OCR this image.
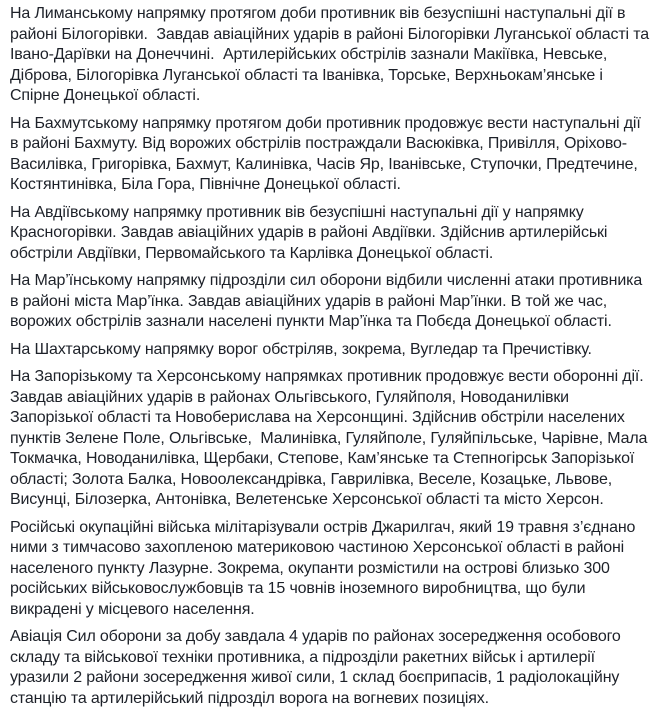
На Лиманському напрямку протягом доби противник вів безуспішні наступальні дії в районі Білогорівки.  Завдав авіаційних ударів в районі Білогорівки Луганської області та Івано-Дарївки на Донеччині.  Артилерійських обстрілів зазнали Макіївка, Невське, Діброва, Білогорівка Луганської області та Іванівка, Торське, Верхньокам’янське і Спірне Донецької області.

На Бахмутському напрямку протягом доби противник продовжує вести наступальні дії  в районі Бахмуту. Від ворожих обстрілів постраждали Васюківка, Привілля, Оріхово-Василівка, Григорівка, Бахмут, Калинівка, Часів Яр, Іванівське, Ступочки, Предтечине, Костянтинівка, Біла Гора, Північне Донецької області.

На Авдіївському напрямку противник вів безуспішні наступальні дії у напрямку Красногорівки. Завдав авіаційних ударів в районі Авдіївки. Здійснив артилерійські обстріли Авдіївки, Первомайського та Карлівка Донецької області.

На Мар’їнському напрямку підрозділи сил оборони відбили численні атаки противника в районі міста Мар’їнка. Завдав авіаційних ударів в районі Мар’їнки. В той же час, ворожих обстрілів зазнали населені пункти Мар’їнка та Побєда Донецької області.

На Шахтарському напрямку ворог обстріляв, зокрема, Вугледар та Пречистівку.

На Запорізькому та Херсонському напрямках противник продовжує вести оборонні дії. Завдав авіаційних ударів в районах Ольгівського, Гуляйполя, Новоданилівки Запорізької області та Новоберислава на Херсонщині. Здійснив обстріли населених пунктів Зелене Поле, Ольгівське,  Малинівка, Гуляйполе, Гуляйпільське, Чарівне, Мала Токмачка, Новоданилівка, Щербаки, Степове, Кам’янське та Степногірськ Запорізької області; Золота Балка, Новоолександрівка, Гаврилівка, Веселе, Козацьке, Львове, Висунці, Білозерка, Антонівка, Велетенське Херсонської області та місто Херсон.

Російські окупаційні війська мілітарізували острів Джарилгач, який 19 травня з’єднано ними з тимчасово захопленою материковою частиною Херсонської області в районі населеного пункту Лазурне. Зокрема, окупанти розмістили на острові близько 300 російських військовослужбовців та 15 човнів іноземного виробництва, що були викрадені у місцевого населення.

Авіація Сил оборони за добу завдала 4 ударів по районах зосередження особового складу та військової техніки противника, а підрозділи ракетних військ і артилерії уразили 2 райони зосередження живої сили, 1 склад боєприпасів, 1 радіолокаційну станцію та артилерійський підрозділ ворога на вогневих позиціях.
